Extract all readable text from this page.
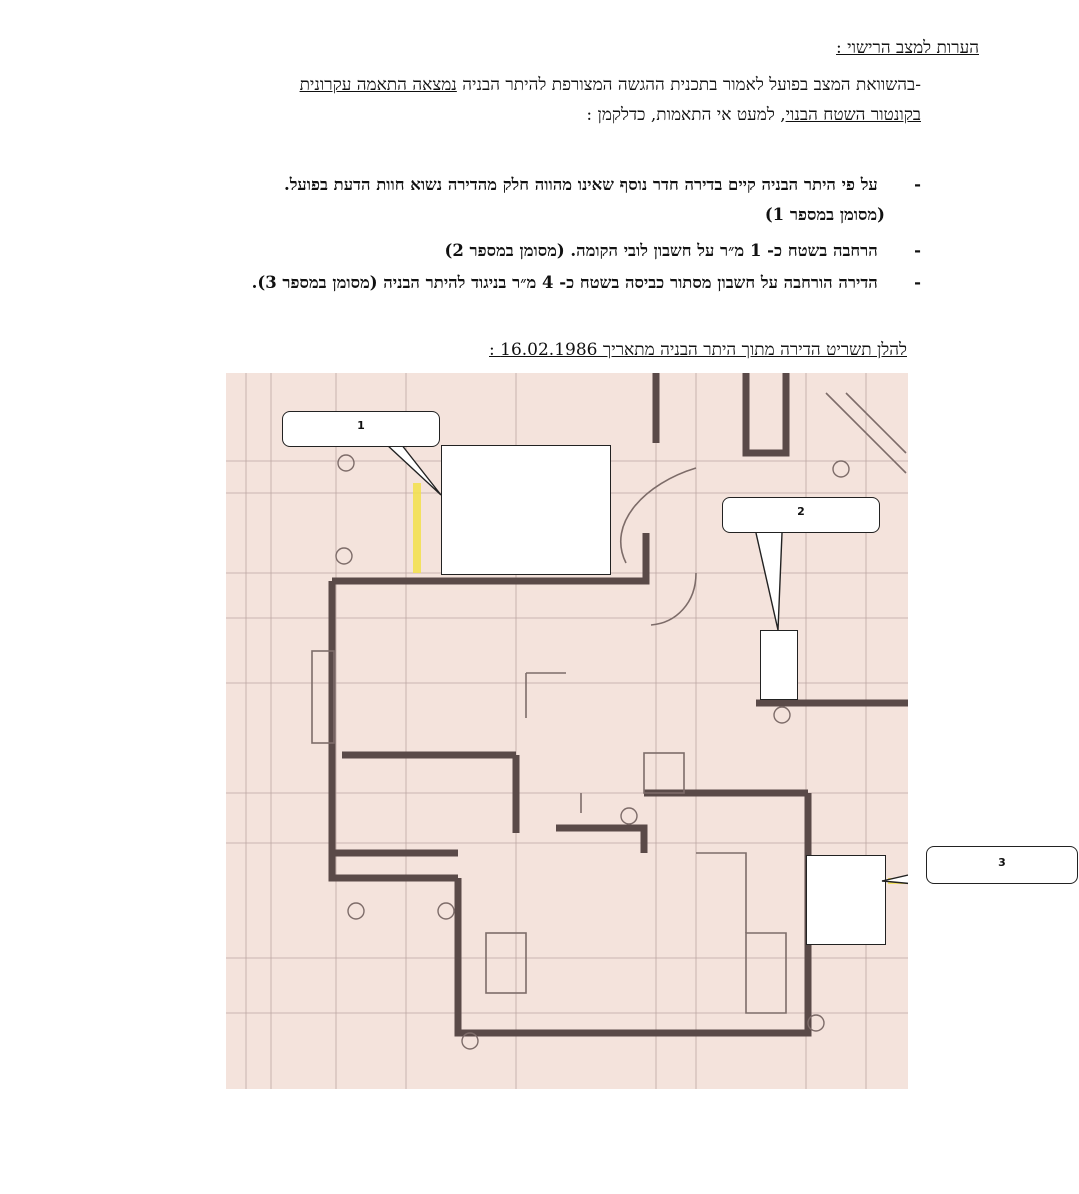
הערות למצב הרישוי :
-בהשוואת המצב בפועל לאמור בתכנית ההגשה המצורפת להיתר הבניה נמצאה התאמה עקרונית
בקונטור השטח הבנוי, למעט אי התאמות, כדלקמן :
-   על פי היתר הבניה קיים בדירה חדר נוסף שאינו מהווה חלק מהדירה נשוא חוות הדעת בפועל.
(מסומן במספר 1)
-   הרחבה בשטח כ- 1 מ״ר על חשבון לובי הקומה. (מסומן במספר 2)
-   הדירה הורחבה על חשבון מסתור כביסה בשטח כ- 4 מ״ר בניגוד להיתר הבניה (מסומן במספר 3).
להלן תשריט הדירה מתוך היתר הבניה מתאריך 16.02.1986 :
1
2
3
